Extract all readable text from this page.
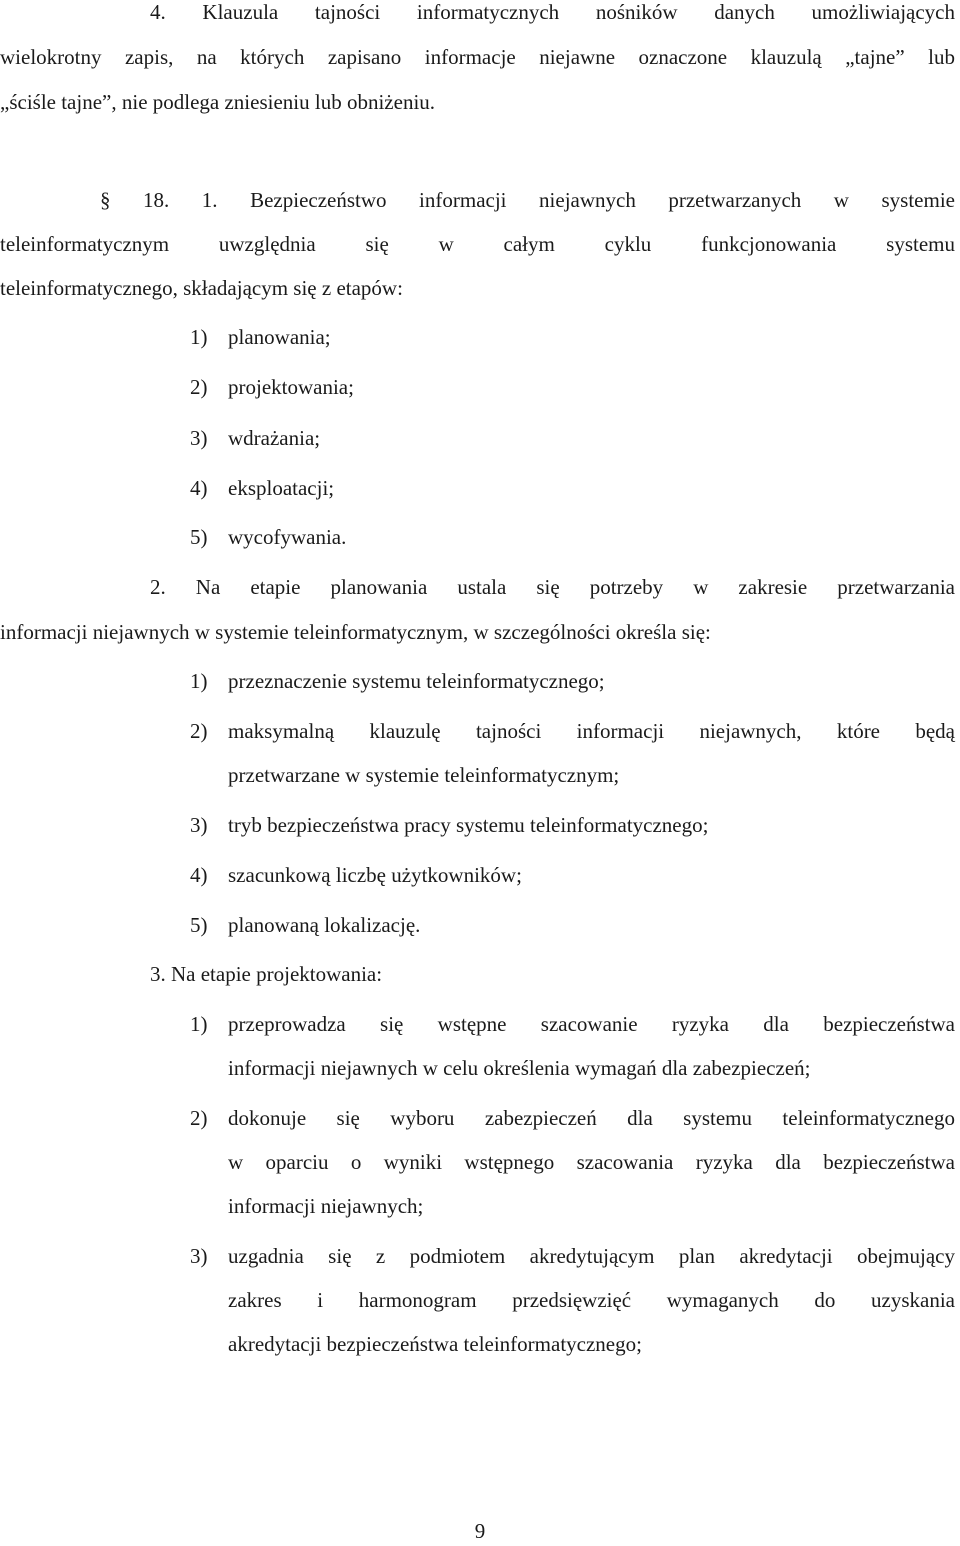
4. Klauzula tajności informatycznych nośników danych umożliwiających
wielokrotny zapis, na których zapisano informacje niejawne oznaczone klauzulą „tajne” lub
„ściśle tajne”, nie podlega zniesieniu lub obniżeniu.
§ 18. 1. Bezpieczeństwo informacji niejawnych przetwarzanych w systemie
teleinformatycznym uwzględnia się w całym cyklu funkcjonowania systemu
teleinformatycznego, składającym się z etapów:
1) planowania;
2) projektowania;
3) wdrażania;
4) eksploatacji;
5) wycofywania.
2. Na etapie planowania ustala się potrzeby w zakresie przetwarzania
informacji niejawnych w systemie teleinformatycznym, w szczególności określa się:
1) przeznaczenie systemu teleinformatycznego;
2) maksymalną klauzulę tajności informacji niejawnych, które będą
przetwarzane w systemie teleinformatycznym;
3) tryb bezpieczeństwa pracy systemu teleinformatycznego;
4) szacunkową liczbę użytkowników;
5) planowaną lokalizację.
3. Na etapie projektowania:
1) przeprowadza się wstępne szacowanie ryzyka dla bezpieczeństwa
informacji niejawnych w celu określenia wymagań dla zabezpieczeń;
2) dokonuje się wyboru zabezpieczeń dla systemu teleinformatycznego
w oparciu o wyniki wstępnego szacowania ryzyka dla bezpieczeństwa
informacji niejawnych;
3) uzgadnia się z podmiotem akredytującym plan akredytacji obejmujący
zakres i harmonogram przedsięwzięć wymaganych do uzyskania
akredytacji bezpieczeństwa teleinformatycznego;
9
